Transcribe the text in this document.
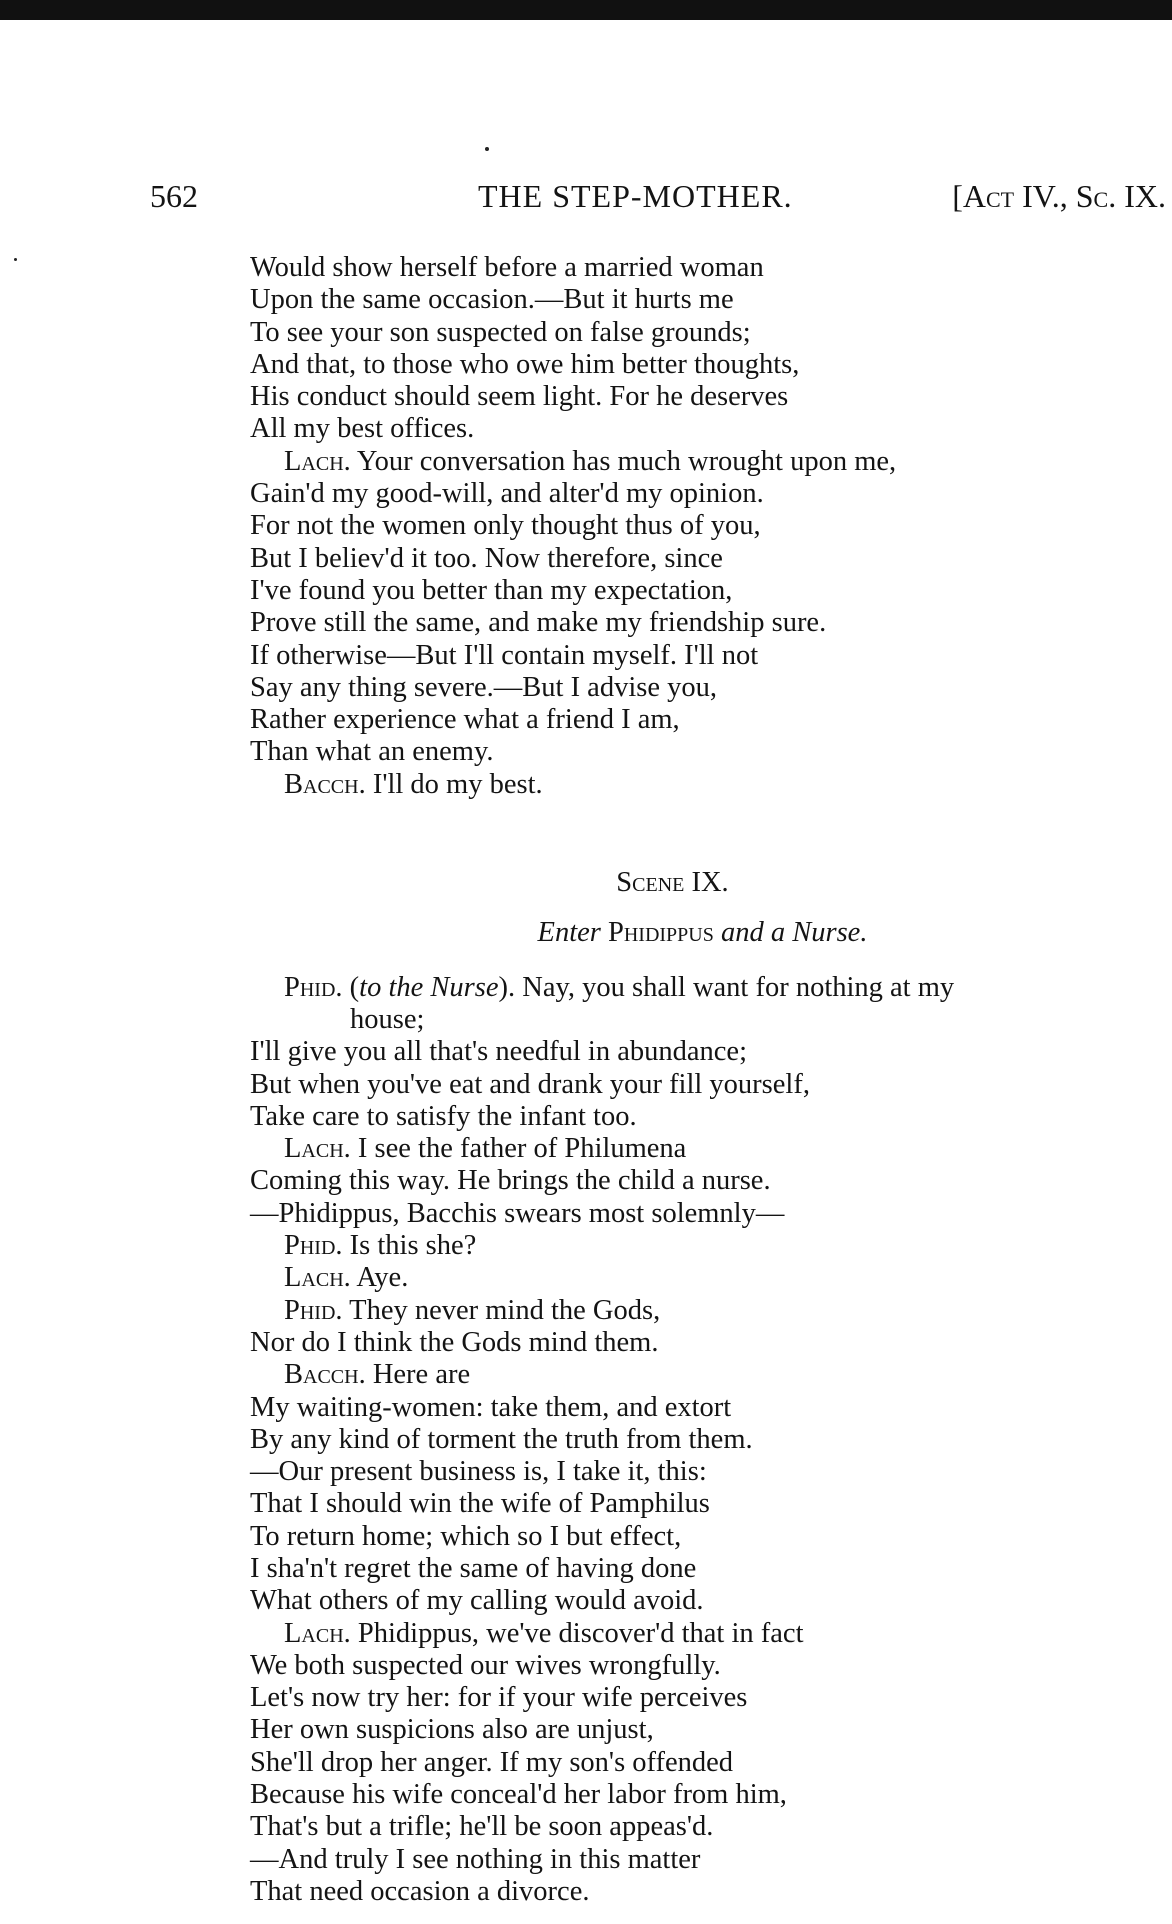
562	THE STEP-MOTHER.	[Act IV., Sc. IX.
Would show herself before a married woman
Upon the same occasion.—But it hurts me
To see your son suspected on false grounds;
And that, to those who owe him better thoughts,
His conduct should seem light. For he deserves
All my best offices.
Lach. Your conversation has much wrought upon me,
Gain'd my good-will, and alter'd my opinion.
For not the women only thought thus of you,
But I believ'd it too. Now therefore, since
I've found you better than my expectation,
Prove still the same, and make my friendship sure.
If otherwise—But I'll contain myself. I'll not
Say any thing severe.—But I advise you,
Rather experience what a friend I am,
Than what an enemy.
Bacch. I'll do my best.
Scene IX.
Enter Phidippus and a Nurse.
Phid. (to the Nurse). Nay, you shall want for nothing at my
house;
I'll give you all that's needful in abundance;
But when you've eat and drank your fill yourself,
Take care to satisfy the infant too.
Lach. I see the father of Philumena
Coming this way. He brings the child a nurse.
—Phidippus, Bacchis swears most solemnly—
Phid. Is this she?
Lach. Aye.
Phid. They never mind the Gods,
Nor do I think the Gods mind them.
Bacch. Here are
My waiting-women: take them, and extort
By any kind of torment the truth from them.
—Our present business is, I take it, this:
That I should win the wife of Pamphilus
To return home; which so I but effect,
I sha'n't regret the same of having done
What others of my calling would avoid.
Lach. Phidippus, we've discover'd that in fact
We both suspected our wives wrongfully.
Let's now try her: for if your wife perceives
Her own suspicions also are unjust,
She'll drop her anger. If my son's offended
Because his wife conceal'd her labor from him,
That's but a trifle; he'll be soon appeas'd.
—And truly I see nothing in this matter
That need occasion a divorce.
